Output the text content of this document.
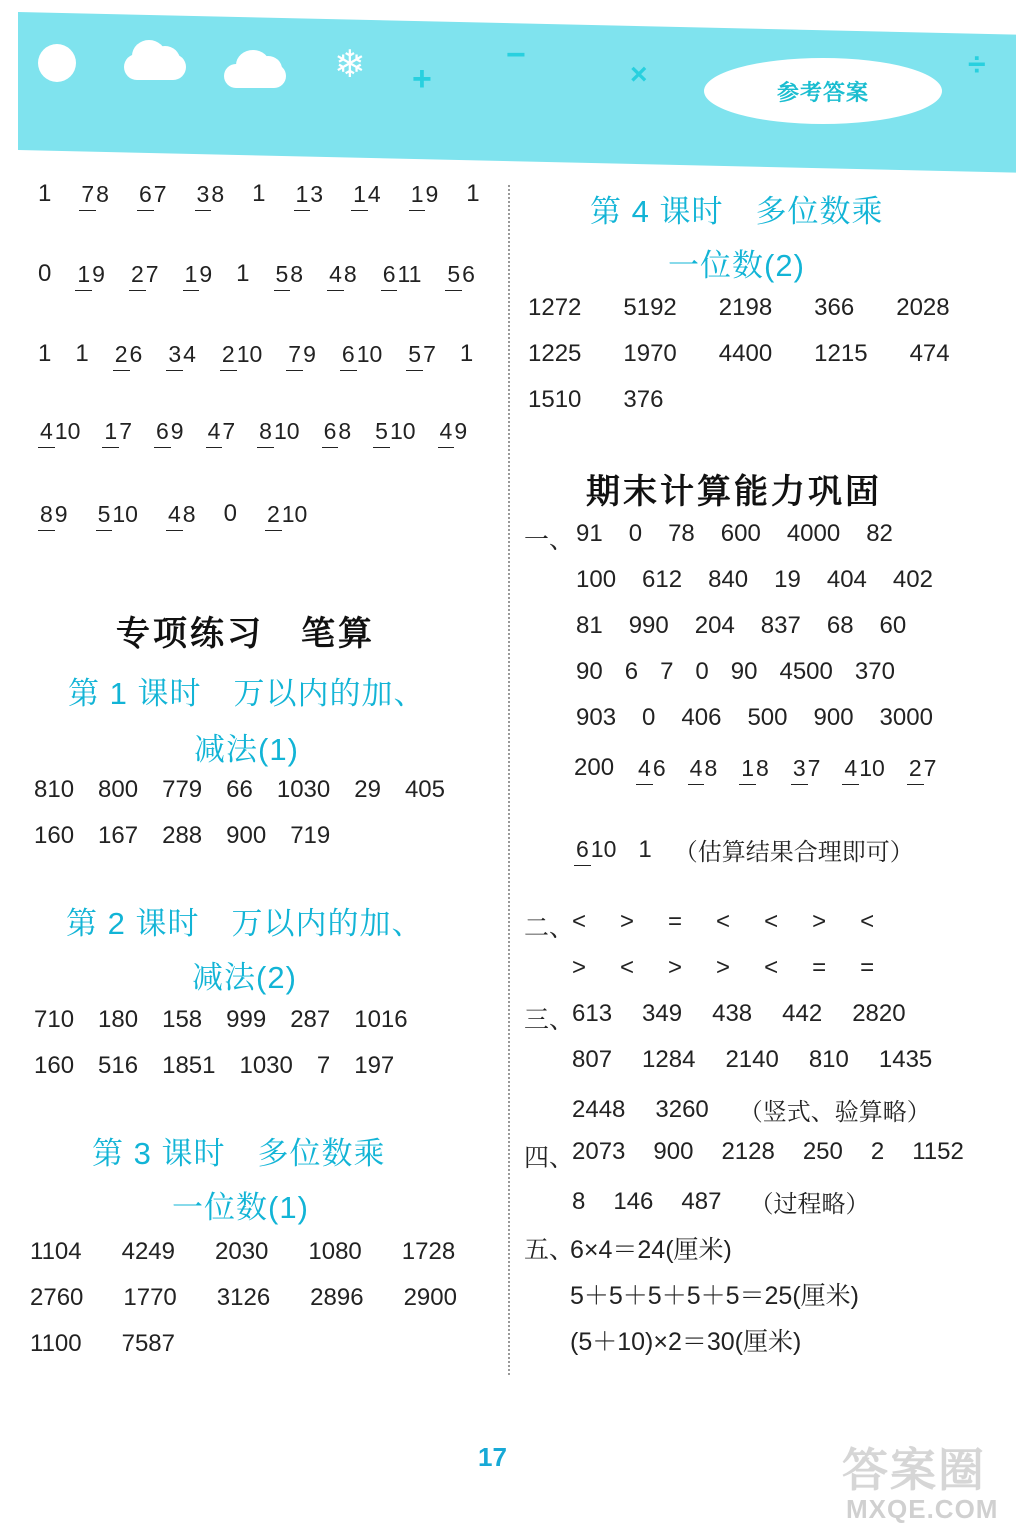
❄ +
−
×	÷
参考答案
1 78 67 38 1 13 14 19 1
0 19 27 19 1 58 48 611 56
1 1 26 34 210 79 610 57 1
410 17 69 47 810 68 510 49
89 510 48 0 210
专项练习　笔算
第 1 课时　万以内的加、
减法(1)
810 800 779 66 1030 29 405
160 167 288 900 719
第 2 课时　万以内的加、
减法(2)
710 180 158 999 287 1016
160 516 1851 1030 7 197
第 3 课时　多位数乘
一位数(1)
1104 4249 2030 1080 1728
2760 1770 3126 2896 2900
1100 7587
第 4 课时　多位数乘
一位数(2)
1272 5192 2198 366 2028
1225 1970 4400 1215 474
1510 376
期末计算能力巩固
一、 91 0 78 600 4000 82
100 612 840 19 404 402
81 990 204 837 68 60
90 6 7 0 90 4500 370
903 0 406 500 900 3000
200 46 48 18 37 410 27
610 1 （估算结果合理即可）
二、
< > = < < > <
> < > > < = =
三、
613 349 438 442 2820
807 1284 2140 810 1435
2448 3260 （竖式、验算略）
四、
2073 900 2128 250 2 1152
8 146 487 （过程略）
五、
6×4＝24(厘米)
5＋5＋5＋5＋5＝25(厘米)
(5＋10)×2＝30(厘米)
17	答案圈
MXQE.COM
